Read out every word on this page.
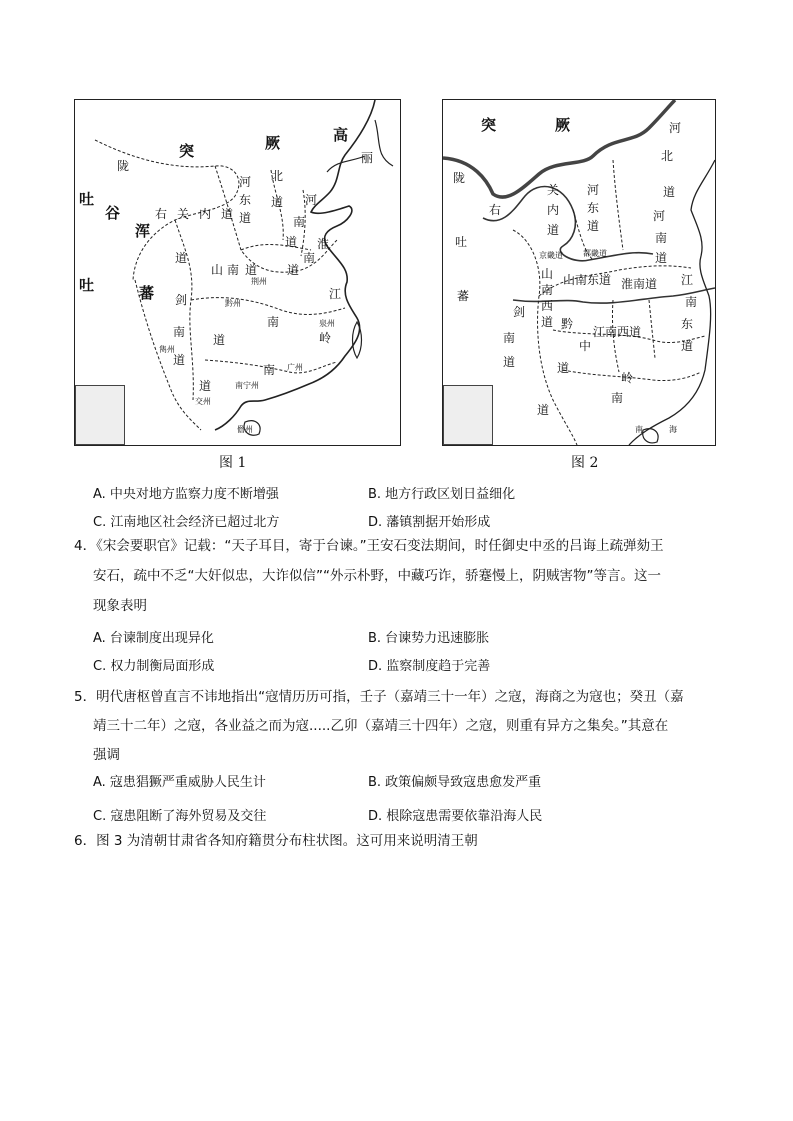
突	厥	高
丽
陇
吐
谷
浑
吐	蕃
右 关 内 道
河 北
道
东
道
河
南
道 淮
南
道
山 南 道
道
剑
南
道
江
南
道	岭
南
道
黔州
荆州
泉州
广州
交州
南宁州
雋州
儋州
图 1
突	厥	河
北
道
陇
右
吐
蕃
关
内
道
河
东
道
河
南
道
京畿道	都畿道
山
南
西
道
山南东道 淮南道 江
南
东
道
剑
南
道
黔
中
道
江南西道
岭
南
道
南	海
图 2
A. 中央对地方监察力度不断增强	B. 地方行政区划日益细化
C. 江南地区社会经济已超过北方	D. 藩镇割据开始形成
4．《宋会要职官》记载：“天子耳目，寄于台谏。”王安石变法期间，时任御史中丞的吕诲上疏弹劾王
安石，疏中不乏“大奸似忠，大诈似信”“外示朴野，中藏巧诈，骄蹇慢上，阴贼害物”等言。这一
现象表明
A. 台谏制度出现异化	B. 台谏势力迅速膨胀
C. 权力制衡局面形成	D. 监察制度趋于完善
5．明代唐枢曾直言不讳地指出“寇情历历可指，壬子（嘉靖三十一年）之寇，海商之为寇也；癸丑（嘉
靖三十二年）之寇，各业益之而为寇.....乙卯（嘉靖三十四年）之寇，则重有异方之集矣。”其意在
强调
A. 寇患猖獗严重威胁人民生计	B. 政策偏颇导致寇患愈发严重
C. 寇患阻断了海外贸易及交往	D. 根除寇患需要依靠沿海人民
6．图 3 为清朝甘肃省各知府籍贯分布柱状图。这可用来说明清王朝
